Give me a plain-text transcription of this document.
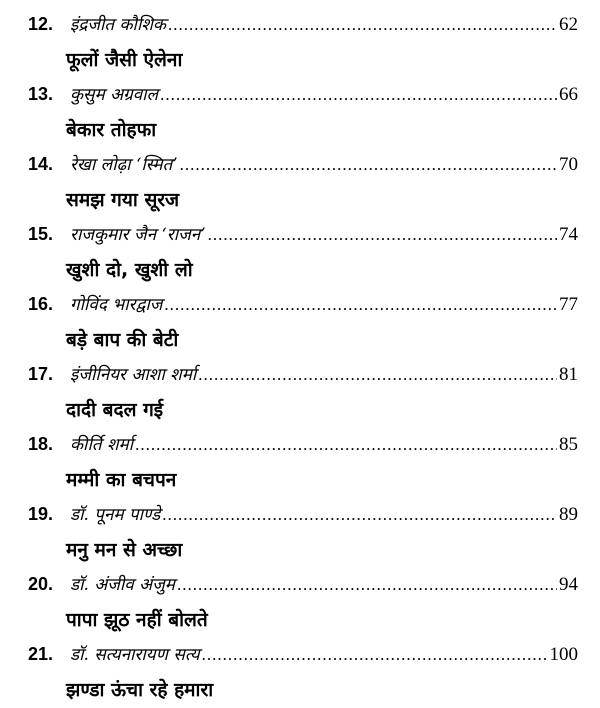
12. इंद्रजीत कौशिक .....	62
फूलों जैसी ऐलेना
13. कुसुम अग्रवाल .....	66
बेकार तोहफा
14. रेखा लोढ़ा ‘स्मित’ .....	70
समझ गया सूरज
15. राजकुमार जैन ‘राजन’ .....	74
खुशी दो, खुशी लो
16. गोविंद भारद्वाज .....	77
बड़े बाप की बेटी
17. इंजीनियर आशा शर्मा .....	81
दादी बदल गई
18. कीर्ति शर्मा .....	85
मम्मी का बचपन
19. डॉ. पूनम पाण्डे .....	89
मनु मन से अच्छा
20. डॉ. अंजीव अंजुम .....	94
पापा झूठ नहीं बोलते
21. डॉ. सत्यनारायण सत्य .....	100
झण्डा ऊंचा रहे हमारा
